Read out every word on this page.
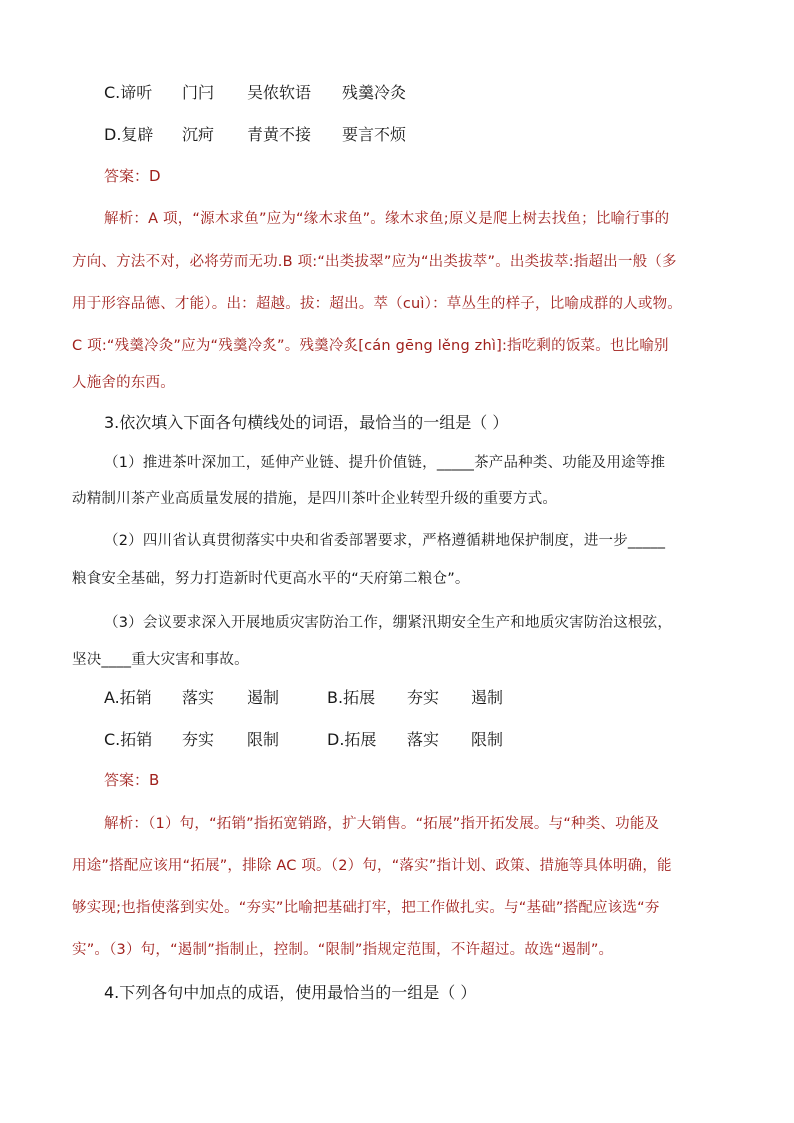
C.谛听 门闩 吴侬软语 残羹冷灸
D.复辟 沉疴 青黄不接 要言不烦
答案：D
解析：A 项，“源木求鱼”应为“缘木求鱼”。缘木求鱼;原义是爬上树去找鱼；比喻行事的
方向、方法不对，必将劳而无功.B 项:“出类拔翠”应为“出类拔萃”。出类拔萃:指超出一般（多
用于形容品德、才能）。出：超越。拔：超出。萃（cuì）：草丛生的样子，比喻成群的人或物。
C 项:“残羹冷灸”应为“残羹冷炙”。残羹冷炙[cán gēng lěng zhì]:指吃剩的饭菜。也比喻别
人施舍的东西。
3.依次填入下面各句横线处的词语，最恰当的一组是（ ）
（1）推进茶叶深加工，延伸产业链、提升价值链，_____茶产品种类、功能及用途等推
动精制川茶产业高质量发展的措施，是四川茶叶企业转型升级的重要方式。
（2）四川省认真贯彻落实中央和省委部署要求，严格遵循耕地保护制度，进一步_____
粮食安全基础，努力打造新时代更高水平的“天府第二粮仓”。
（3）会议要求深入开展地质灾害防治工作，绷紧汛期安全生产和地质灾害防治这根弦，
坚决____重大灾害和事故。
A.拓销 落实 遏制	B.拓展 夯实 遏制
C.拓销 夯实 限制	D.拓展 落实 限制
答案：B
解析：（1）句，“拓销”指拓宽销路，扩大销售。“拓展”指开拓发展。与“种类、功能及
用途”搭配应该用“拓展”，排除 AC 项。（2）句，“落实”指计划、政策、措施等具体明确，能
够实现;也指使落到实处。“夯实”比喻把基础打牢，把工作做扎实。与“基础”搭配应该选“夯
实”。（3）句，“遏制”指制止，控制。“限制”指规定范围，不许超过。故选“遏制”。
4.下列各句中加点的成语，使用最恰当的一组是（ ）
